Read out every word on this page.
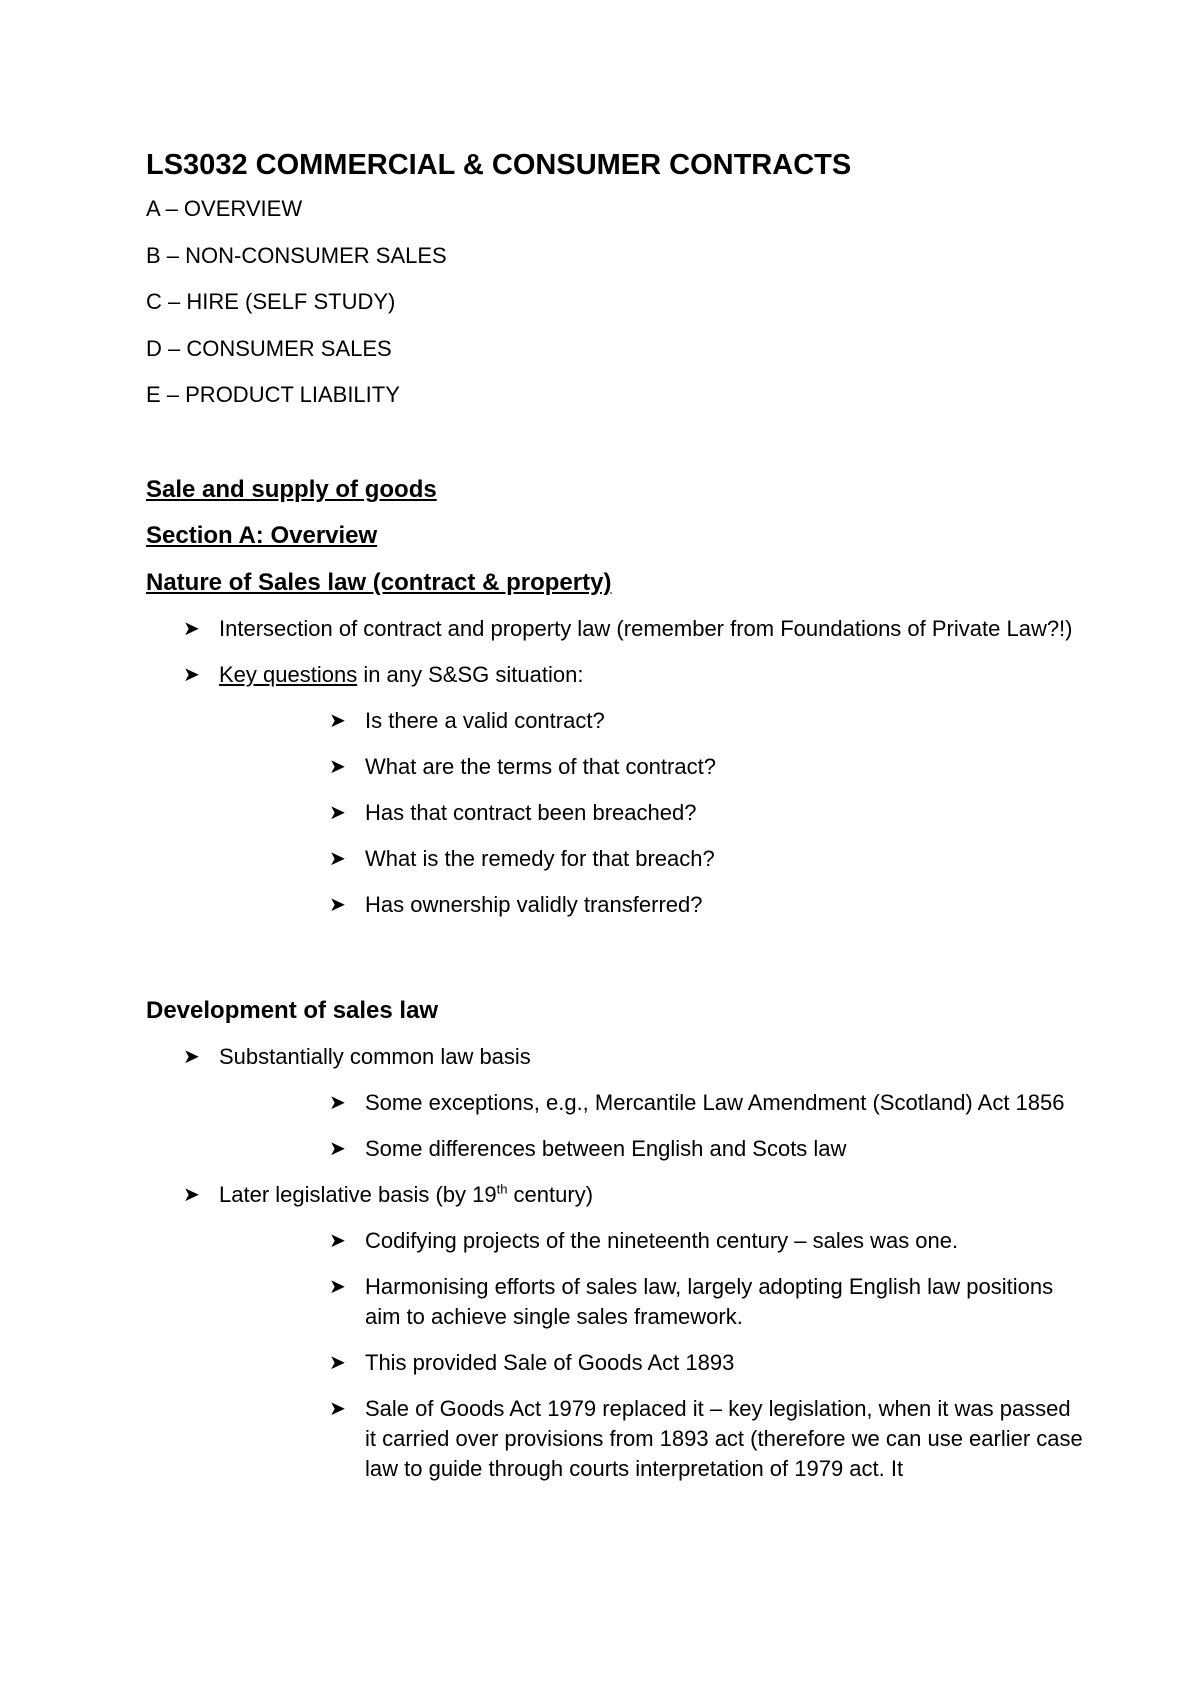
LS3032 COMMERCIAL & CONSUMER CONTRACTS
A – OVERVIEW
B – NON-CONSUMER SALES
C – HIRE (SELF STUDY)
D – CONSUMER SALES
E – PRODUCT LIABILITY
Sale and supply of goods
Section A: Overview
Nature of Sales law (contract & property)
➤ Intersection of contract and property law (remember from Foundations of Private Law?!)
➤ Key questions in any S&SG situation:
➤ Is there a valid contract?
➤ What are the terms of that contract?
➤ Has that contract been breached?
➤ What is the remedy for that breach?
➤ Has ownership validly transferred?
Development of sales law
➤ Substantially common law basis
➤ Some exceptions, e.g., Mercantile Law Amendment (Scotland) Act 1856
➤ Some differences between English and Scots law
➤ Later legislative basis (by 19th century)
➤ Codifying projects of the nineteenth century – sales was one.
➤ Harmonising efforts of sales law, largely adopting English law positions aim to achieve single sales framework.
➤ This provided Sale of Goods Act 1893
➤ Sale of Goods Act 1979 replaced it – key legislation, when it was passed it carried over provisions from 1893 act (therefore we can use earlier case law to guide through courts interpretation of 1979 act. It
